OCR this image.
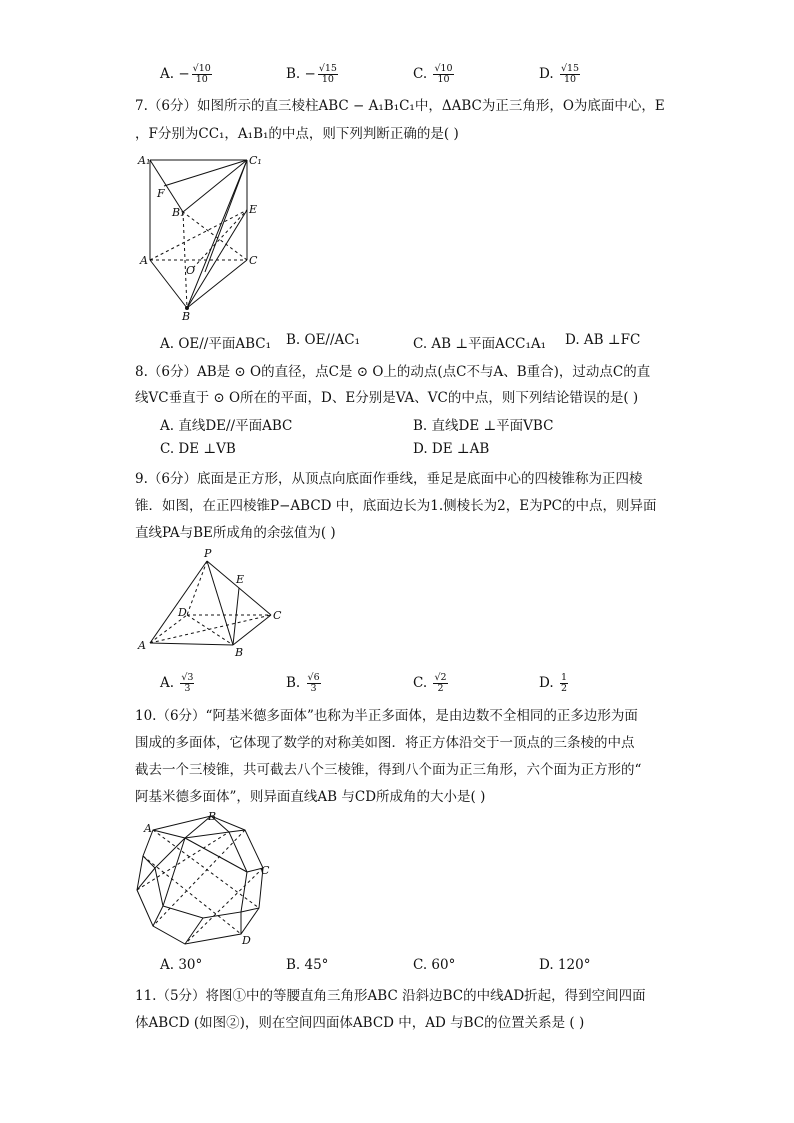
A. − $\frac{√10}{10}$	B. − $\frac{√15}{10}$	C. $\frac{√10}{10}$	D. $\frac{√15}{10}$
7.（6分）如图所示的直三棱柱ABC − A₁B₁C₁中，ΔABC为正三角形，O为底面中心，E
，F分别为CC₁，A₁B₁的中点，则下列判断正确的是( )
A₁	C₁
F
B₁	E
A
O
C
B
A. OE//平面ABC₁ B. OE//AC₁	C. AB ⊥平面ACC₁A₁ D. AB ⊥FC
8.（6分）AB是 ⊙ O的直径，点C是 ⊙ O上的动点(点C不与A、B重合)，过动点C的直
线VC垂直于 ⊙ O所在的平面，D、E分别是VA、VC的中点，则下列结论错误的是( )
A. 直线DE//平面ABC	B. 直线DE ⊥平面VBC
C. DE ⊥VB	D. DE ⊥AB
9.（6分）底面是正方形，从顶点向底面作垂线，垂足是底面中心的四棱锥称为正四棱
锥．如图，在正四棱锥P−ABCD 中，底面边长为1.侧棱长为2，E为PC的中点，则异面
直线PA与BE所成角的余弦值为( )
P
E
D	C
A
B
A. $\frac{√3}{3}$	B. $\frac{√6}{3}$	C. $\frac{√2}{2}$	D. $\frac{1}{2}$
10.（6分）“阿基米德多面体”也称为半正多面体，是由边数不全相同的正多边形为面
围成的多面体，它体现了数学的对称美如图．将正方体沿交于一顶点的三条棱的中点
截去一个三棱锥，共可截去八个三棱锥，得到八个面为正三角形，六个面为正方形的“
阿基米德多面体”，则异面直线AB 与CD所成角的大小是( )
A
B
C
D
A. 30°	B. 45°	C. 60°	D. 120°
11.（5分）将图①中的等腰直角三角形ABC 沿斜边BC的中线AD折起，得到空间四面
体ABCD (如图②)，则在空间四面体ABCD 中，AD 与BC的位置关系是 ( )
